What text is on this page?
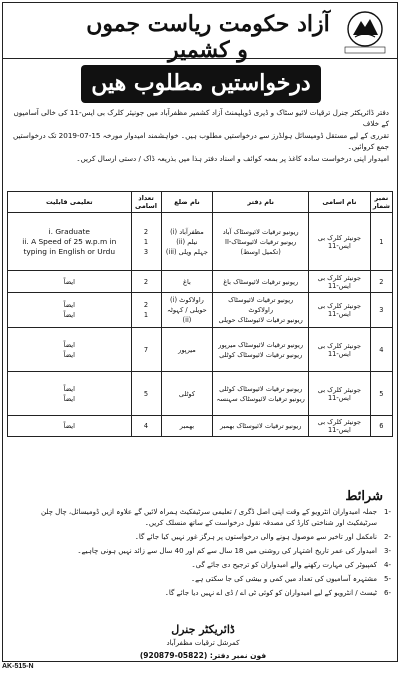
آزاد حکومت ریاست جموں و کشمیر
درخواستیں مطلوب ھیں

دفتر ڈائریکٹر جنرل ترقیات لائیو سٹاک و ڈیری ڈویلپمنٹ آزاد کشمیر مظفرآباد میں جونیئر کلرک بی ایس-11 کی خالی آسامیوں کے خلاف

تقرری کے لیے مستقل ڈومیسائل ہولڈرز سے درخواستیں مطلوب ہیں۔ خواہشمند امیدوار مورخہ 15-07-2019 تک درخواستیں جمع کروائیں۔

امیدوار اپنی درخواست سادہ کاغذ پر بمعہ کوائف و اسناد دفتر ہذا میں بذریعہ ڈاک / دستی ارسال کریں۔

نمبر شمار	نام اسامی	نام دفتر	نام ضلع	تعداد اسامی	تعلیمی قابلیت
1	جونیئر کلرک بی ایس-11	ریونیو ترقیات لائیوسٹاک آباد
ریونیو ترقیات لائیوسٹاک-II
(تکمیل اوسط)	مظفرآباد (i)
نیلم (ii)
جہلم ویلی (iii)	2
1
3	i. Graduate
ii. A Speed of 25 w.p.m in
typing in English or Urdu

2	جونیئر کلرک بی ایس-11	ریونیو ترقیات لائیوسٹاک باغ	باغ	2	ایضاً

3	جونیئر کلرک بی ایس-11	ریونیو ترقیات لائیوسٹاک راولاکوٹ
ریونیو ترقیات لائیوسٹاک حویلی	راولاکوٹ (i)
حویلی / کہوٹہ (ii)	2
1	ایضاً
ایضاً

4	جونیئر کلرک بی ایس-11	ریونیو ترقیات لائیوسٹاک میرپور
ریونیو ترقیات لائیوسٹاک کوٹلی	میرپور	7	ایضاً
ایضاً

5	جونیئر کلرک بی ایس-11	ریونیو ترقیات لائیوسٹاک کوٹلی
ریونیو ترقیات لائیوسٹاک سہنسہ	کوٹلی	5	ایضاً
ایضاً

6	جونیئر کلرک بی ایس-11	ریونیو ترقیات لائیوسٹاک بھمبر	بھمبر	4	ایضاً
شرائط
-1
جملہ امیدواران انٹرویو کے وقت اپنی اصل ڈگری / تعلیمی سرٹیفکیٹ ہمراہ لائیں گے علاوہ ازیں ڈومیسائل، چال چلن سرٹیفکیٹ اور شناختی کارڈ کی مصدقہ نقول درخواست کے ساتھ منسلک کریں۔
-2
نامکمل اور تاخیر سے موصول ہونے والی درخواستوں پر ہرگز غور نہیں کیا جائے گا۔
-3
امیدوار کی عمر تاریخ اشتہار کی روشنی میں 18 سال سے کم اور 40 سال سے زائد نہیں ہونی چاہیے۔
-4
کمپیوٹر کی مہارت رکھنے والے امیدواران کو ترجیح دی جائے گی۔
-5
مشتہرہ آسامیوں کی تعداد میں کمی و بیشی کی جا سکتی ہے۔
-6
ٹیسٹ / انٹرویو کے لیے امیدواران کو کوئی ٹی اے / ڈی اے نہیں دیا جائے گا۔
ڈائریکٹر جنرل
کمرشل ترقیات مظفرآباد
فون نمبر دفتر: (05822-920879)
AK-515-N
